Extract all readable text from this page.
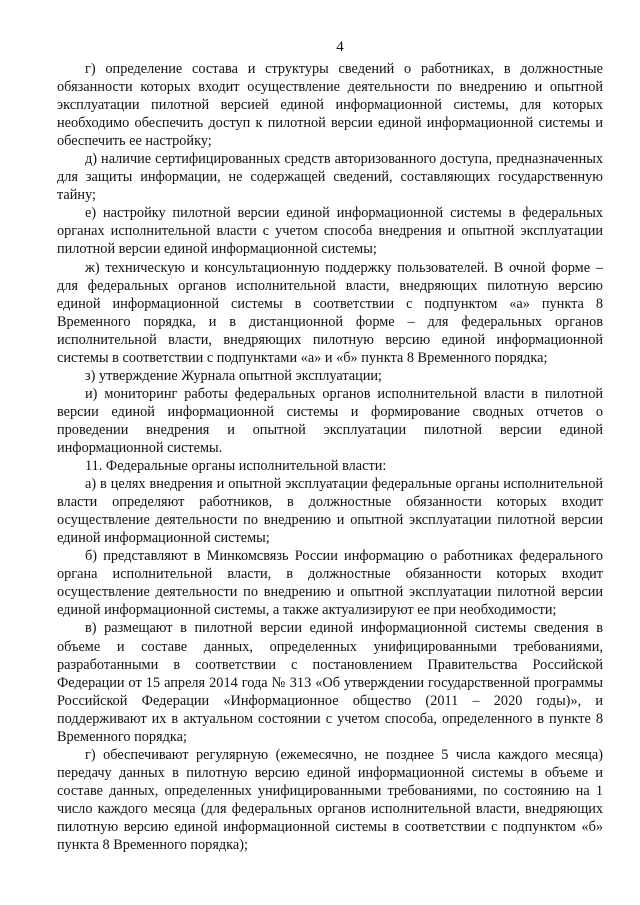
4

г) определение состава и структуры сведений о работниках, в должностные обязанности которых входит осуществление деятельности по внедрению и опытной эксплуатации пилотной версией единой информационной системы, для которых необходимо обеспечить доступ к пилотной версии единой информационной системы и обеспечить ее настройку;

д) наличие сертифицированных средств авторизованного доступа, предназначенных для защиты информации, не содержащей сведений, составляющих государственную тайну;

е) настройку пилотной версии единой информационной системы в федеральных органах исполнительной власти с учетом способа внедрения и опытной эксплуатации пилотной версии единой информационной системы;

ж) техническую и консультационную поддержку пользователей. В очной форме – для федеральных органов исполнительной власти, внедряющих пилотную версию единой информационной системы в соответствии с подпунктом «а» пункта 8 Временного порядка, и в дистанционной форме – для федеральных органов исполнительной власти, внедряющих пилотную версию единой информационной системы в соответствии с подпунктами «а» и «б» пункта 8 Временного порядка;

з) утверждение Журнала опытной эксплуатации;

и) мониторинг работы федеральных органов исполнительной власти в пилотной версии единой информационной системы и формирование сводных отчетов о проведении внедрения и опытной эксплуатации пилотной версии единой информационной системы.

11. Федеральные органы исполнительной власти:

а) в целях внедрения и опытной эксплуатации федеральные органы исполнительной власти определяют работников, в должностные обязанности которых входит осуществление деятельности по внедрению и опытной эксплуатации пилотной версии единой информационной системы;

б) представляют в Минкомсвязь России информацию о работниках федерального органа исполнительной власти, в должностные обязанности которых входит осуществление деятельности по внедрению и опытной эксплуатации пилотной версии единой информационной системы, а также актуализируют ее при необходимости;

в) размещают в пилотной версии единой информационной системы сведения в объеме и составе данных, определенных унифицированными требованиями, разработанными в соответствии с постановлением Правительства Российской Федерации от 15 апреля 2014 года № 313 «Об утверждении государственной программы Российской Федерации «Информационное общество (2011 – 2020 годы)», и поддерживают их в актуальном состоянии с учетом способа, определенного в пункте 8 Временного порядка;

г) обеспечивают регулярную (ежемесячно, не позднее 5 числа каждого месяца) передачу данных в пилотную версию единой информационной системы в объеме и составе данных, определенных унифицированными требованиями, по состоянию на 1 число каждого месяца (для федеральных органов исполнительной власти, внедряющих пилотную версию единой информационной системы в соответствии с подпунктом «б» пункта 8 Временного порядка);
